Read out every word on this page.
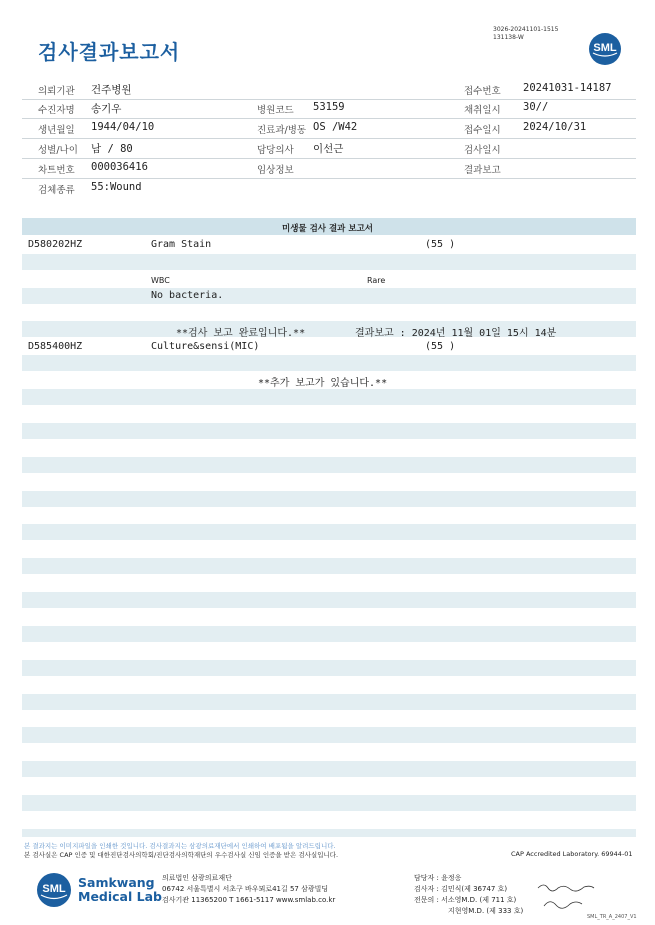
검사결과보고서
3026-20241101-1515
131138-W
SML
의뢰기관 건주병원	접수번호 20241031-14187
수진자명 송기우	병원코드 53159	채취일시 30//
생년월일 1944/04/10	진료과/병동 OS /W42	접수일시 2024/10/31
성별/나이 남 / 80	담당의사 이선근	검사일시
차트번호 000036416	임상정보	결과보고
검체종류 55:Wound
미생물 검사 결과 보고서
D580202HZ	Gram Stain	(55 )
WBC	Rare
No bacteria.
**검사 보고 완료입니다.**	결과보고 : 2024년 11월 01일 15시 14분
D585400HZ	Culture&sensi(MIC)	(55 )
**추가 보고가 있습니다.**
본 결과지는 이미지파일을 인쇄한 것입니다. 검사결과지는 삼광의료재단에서 인쇄하여 배포됨을 알려드립니다.
본 검사실은 CAP 인증 및 대한진단검사의학회/진단검사의학재단의 우수검사실 신임 인증을 받은 검사실입니다.	CAP Accredited Laboratory. 69944-01
SML Samkwang
Medical Lab
의료법인 삼광의료재단
06742 서울특별시 서초구 바우뫼로41길 57 삼광빌딩
검사기관 11365200 T 1661-5117 www.smlab.co.kr
담당자 : 윤정응
검사자 : 김민식(제 36747 호)
전문의 : 서소영M.D. (제 711 호)
지현영M.D. (제 333 호)
SML_TR_A_2407_V1
